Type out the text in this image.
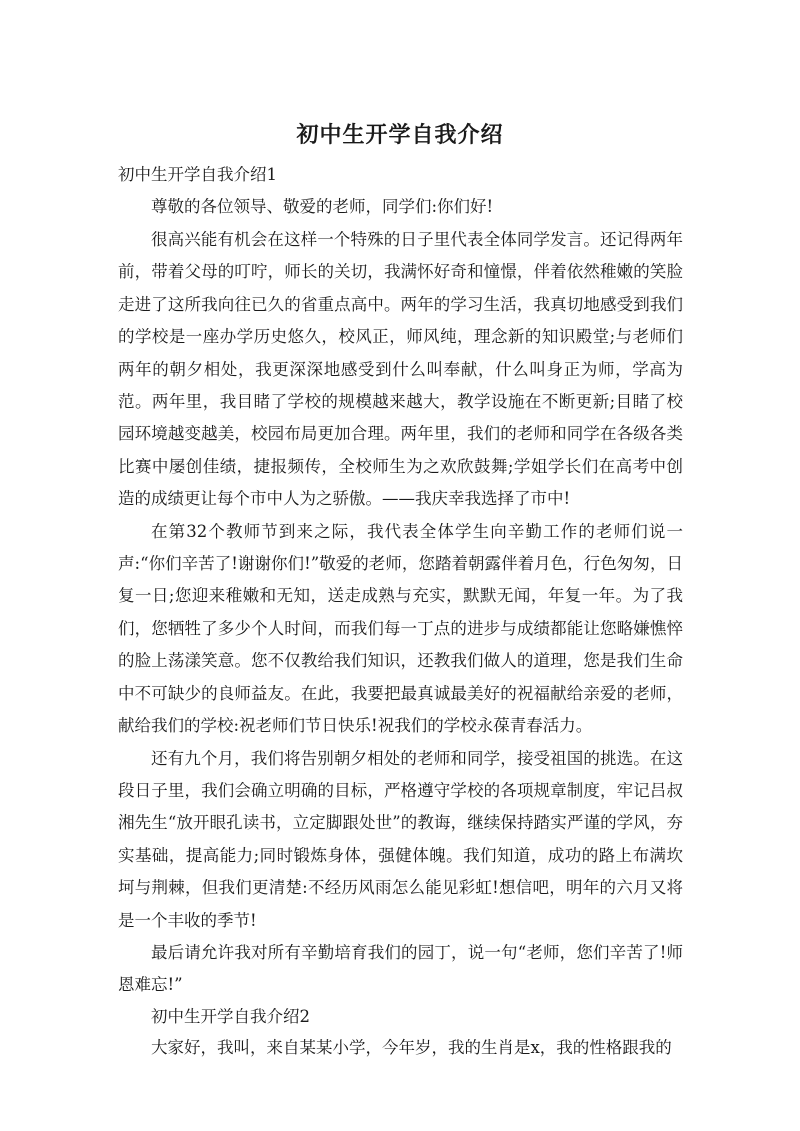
初中生开学自我介绍

初中生开学自我介绍1

尊敬的各位领导、敬爱的老师，同学们:你们好!

很高兴能有机会在这样一个特殊的日子里代表全体同学发言。还记得两年前，带着父母的叮咛，师长的关切，我满怀好奇和憧憬，伴着依然稚嫩的笑脸走进了这所我向往已久的省重点高中。两年的学习生活，我真切地感受到我们的学校是一座办学历史悠久，校风正，师风纯，理念新的知识殿堂;与老师们两年的朝夕相处，我更深深地感受到什么叫奉献，什么叫身正为师，学高为范。两年里，我目睹了学校的规模越来越大，教学设施在不断更新;目睹了校园环境越变越美，校园布局更加合理。两年里，我们的老师和同学在各级各类比赛中屡创佳绩，捷报频传，全校师生为之欢欣鼓舞;学姐学长们在高考中创造的成绩更让每个市中人为之骄傲。——我庆幸我选择了市中!

在第32个教师节到来之际，我代表全体学生向辛勤工作的老师们说一声:“你们辛苦了!谢谢你们!”敬爱的老师，您踏着朝露伴着月色，行色匆匆，日复一日;您迎来稚嫩和无知，送走成熟与充实，默默无闻，年复一年。为了我们，您牺牲了多少个人时间，而我们每一丁点的进步与成绩都能让您略嫌憔悴的脸上荡漾笑意。您不仅教给我们知识，还教我们做人的道理，您是我们生命中不可缺少的良师益友。在此，我要把最真诚最美好的祝福献给亲爱的老师，献给我们的学校:祝老师们节日快乐!祝我们的学校永葆青春活力。

还有九个月，我们将告别朝夕相处的老师和同学，接受祖国的挑选。在这段日子里，我们会确立明确的目标，严格遵守学校的各项规章制度，牢记吕叔湘先生“放开眼孔读书，立定脚跟处世”的教诲，继续保持踏实严谨的学风，夯实基础，提高能力;同时锻炼身体，强健体魄。我们知道，成功的路上布满坎坷与荆棘，但我们更清楚:不经历风雨怎么能见彩虹!想信吧，明年的六月又将是一个丰收的季节!

最后请允许我对所有辛勤培育我们的园丁，说一句“老师，您们辛苦了!师恩难忘!”

初中生开学自我介绍2

大家好，我叫，来自某某小学，今年岁，我的生肖是x，我的性格跟我的
